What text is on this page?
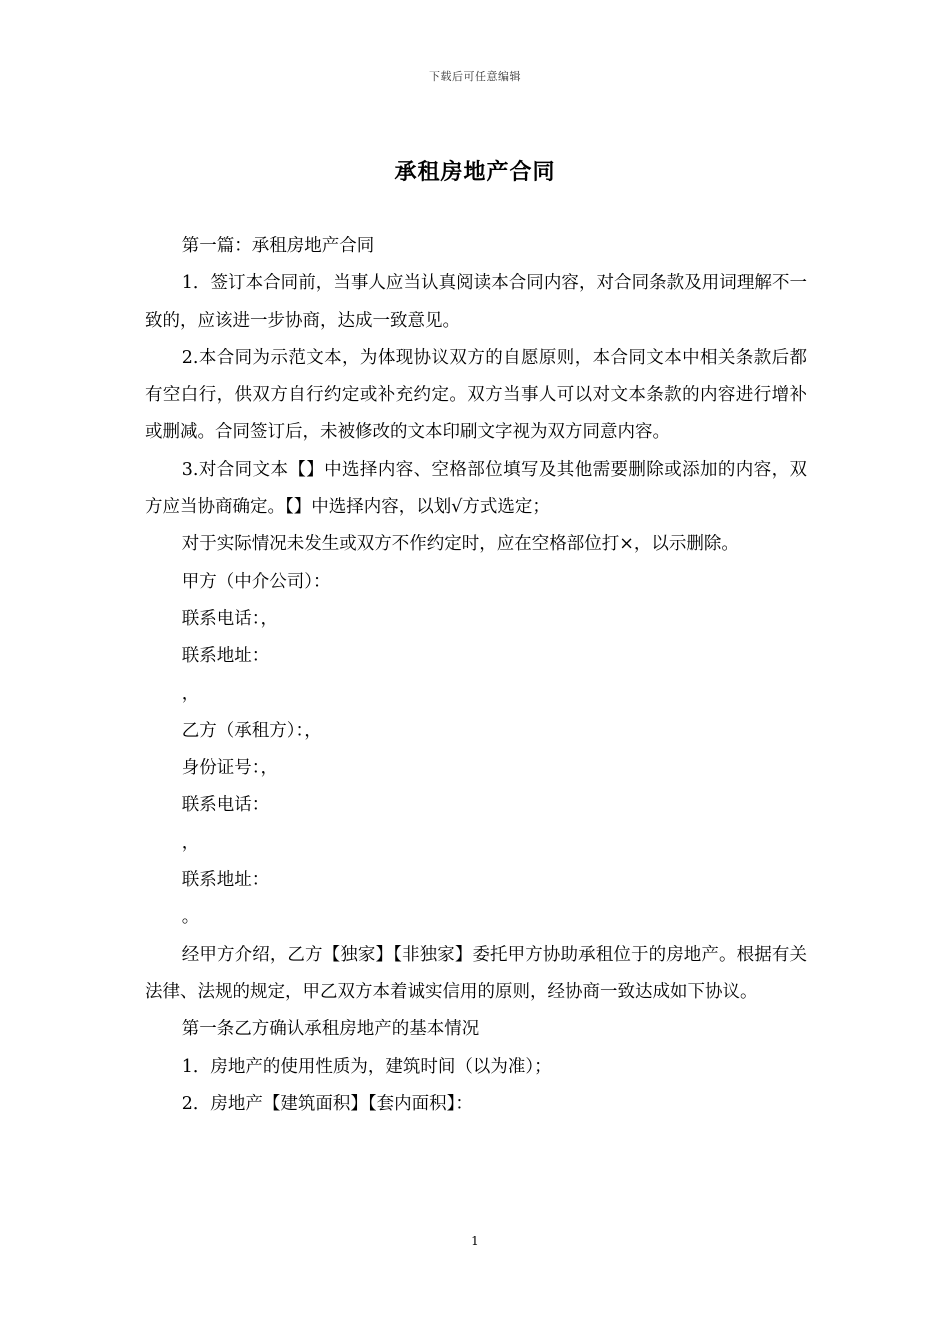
下载后可任意编辑
承租房地产合同

第一篇：承租房地产合同

1．签订本合同前，当事人应当认真阅读本合同内容，对合同条款及用词理解不一致的，应该进一步协商，达成一致意见。

2.本合同为示范文本，为体现协议双方的自愿原则，本合同文本中相关条款后都有空白行，供双方自行约定或补充约定。双方当事人可以对文本条款的内容进行增补或删减。合同签订后，未被修改的文本印刷文字视为双方同意内容。

3.对合同文本【】中选择内容、空格部位填写及其他需要删除或添加的内容，双方应当协商确定。【】中选择内容，以划√方式选定；

对于实际情况未发生或双方不作约定时，应在空格部位打×，以示删除。

甲方（中介公司）：

联系电话：，

联系地址：

，

乙方（承租方）：，

身份证号：，

联系电话：

，

联系地址：

。

经甲方介绍，乙方【独家】【非独家】委托甲方协助承租位于的房地产。根据有关法律、法规的规定，甲乙双方本着诚实信用的原则，经协商一致达成如下协议。

第一条乙方确认承租房地产的基本情况

1．房地产的使用性质为，建筑时间（以为准）；

2．房地产【建筑面积】【套内面积】：

1
